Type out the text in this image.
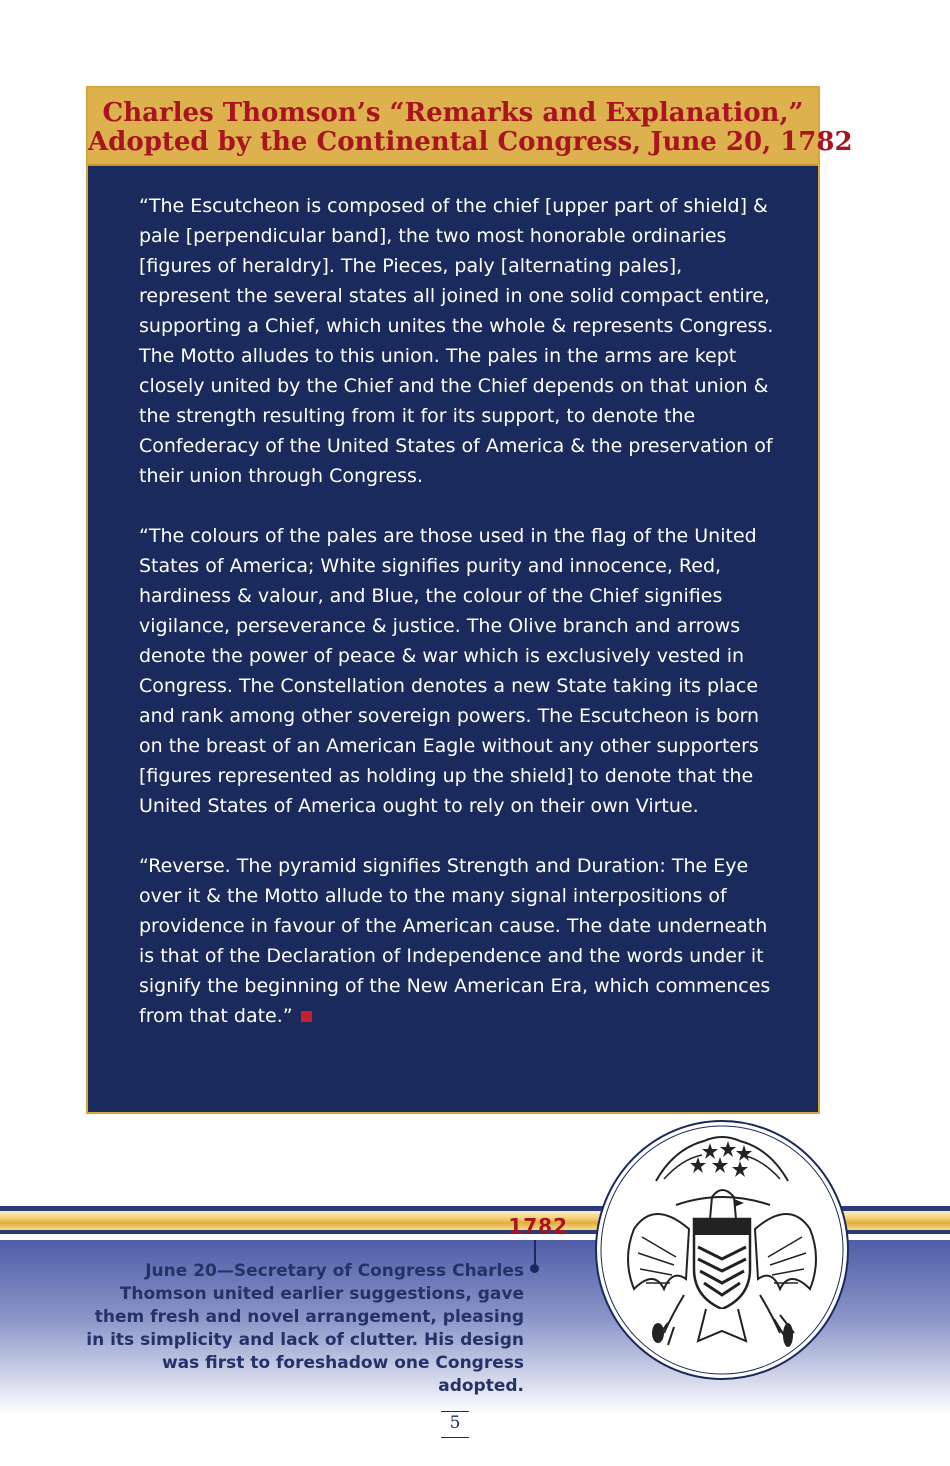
Charles Thomson’s “Remarks and Explanation,”
Adopted by the Continental Congress, June 20, 1782

“The Escutcheon is composed of the chief [upper part of shield] & pale [perpendicular band], the two most honorable ordinaries [figures of heraldry]. The Pieces, paly [alternating pales], represent the several states all joined in one solid compact entire, supporting a Chief, which unites the whole & represents Congress. The Motto alludes to this union. The pales in the arms are kept closely united by the Chief and the Chief depends on that union & the strength resulting from it for its support, to denote the Confederacy of the United States of America & the preservation of their union through Congress.

“The colours of the pales are those used in the flag of the United States of America; White signifies purity and innocence, Red, hardiness & valour, and Blue, the colour of the Chief signifies vigilance, perseverance & justice. The Olive branch and arrows denote the power of peace & war which is exclusively vested in Congress. The Constellation denotes a new State taking its place and rank among other sovereign powers. The Escutcheon is born on the breast of an American Eagle without any other supporters [figures represented as holding up the shield] to denote that the United States of America ought to rely on their own Virtue.

“Reverse. The pyramid signifies Strength and Duration: The Eye over it & the Motto allude to the many signal interpositions of providence in favour of the American cause. The date underneath is that of the Declaration of Independence and the words under it signify the beginning of the New American Era, which commences from that date.”

1782
June 20—Secretary of Congress Charles Thomson united earlier suggestions, gave them fresh and novel arrangement, pleasing in its simplicity and lack of clutter. His design was first to foreshadow one Congress adopted.
5
